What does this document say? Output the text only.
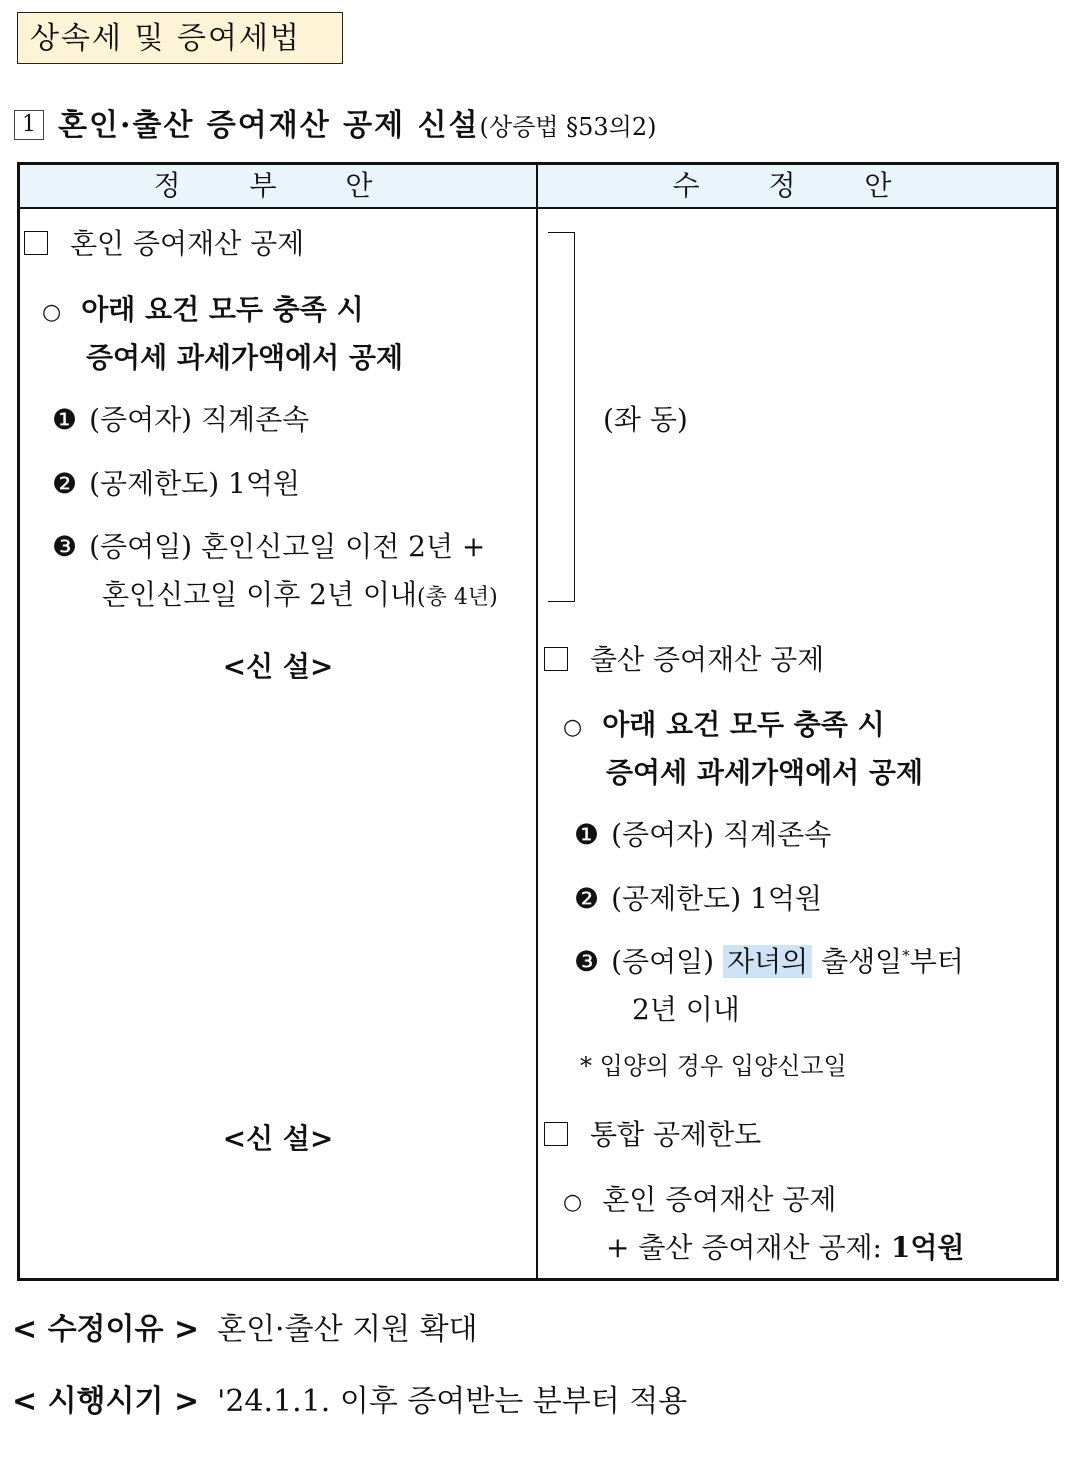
상속세 및 증여세법
1 혼인·출산 증여재산 공제 신설(상증법 §53의2)
정 부 안	수 정 안
혼인 증여재산 공제
○ 아래 요건 모두 충족 시
증여세 과세가액에서 공제
❶ (증여자) 직계존속
❷ (공제한도) 1억원
❸ (증여일) 혼인신고일 이전 2년 +
혼인신고일 이후 2년 이내(총 4년)
<신 설>
<신 설>
(좌 동)
출산 증여재산 공제
○ 아래 요건 모두 충족 시
증여세 과세가액에서 공제
❶ (증여자) 직계존속
❷ (공제한도) 1억원
❸ (증여일) 자녀의 출생일*부터
2년 이내
* 입양의 경우 입양신고일
통합 공제한도
○ 혼인 증여재산 공제
+ 출산 증여재산 공제: 1억원
< 수정이유 > 혼인·출산 지원 확대
< 시행시기 > '24.1.1. 이후 증여받는 분부터 적용
